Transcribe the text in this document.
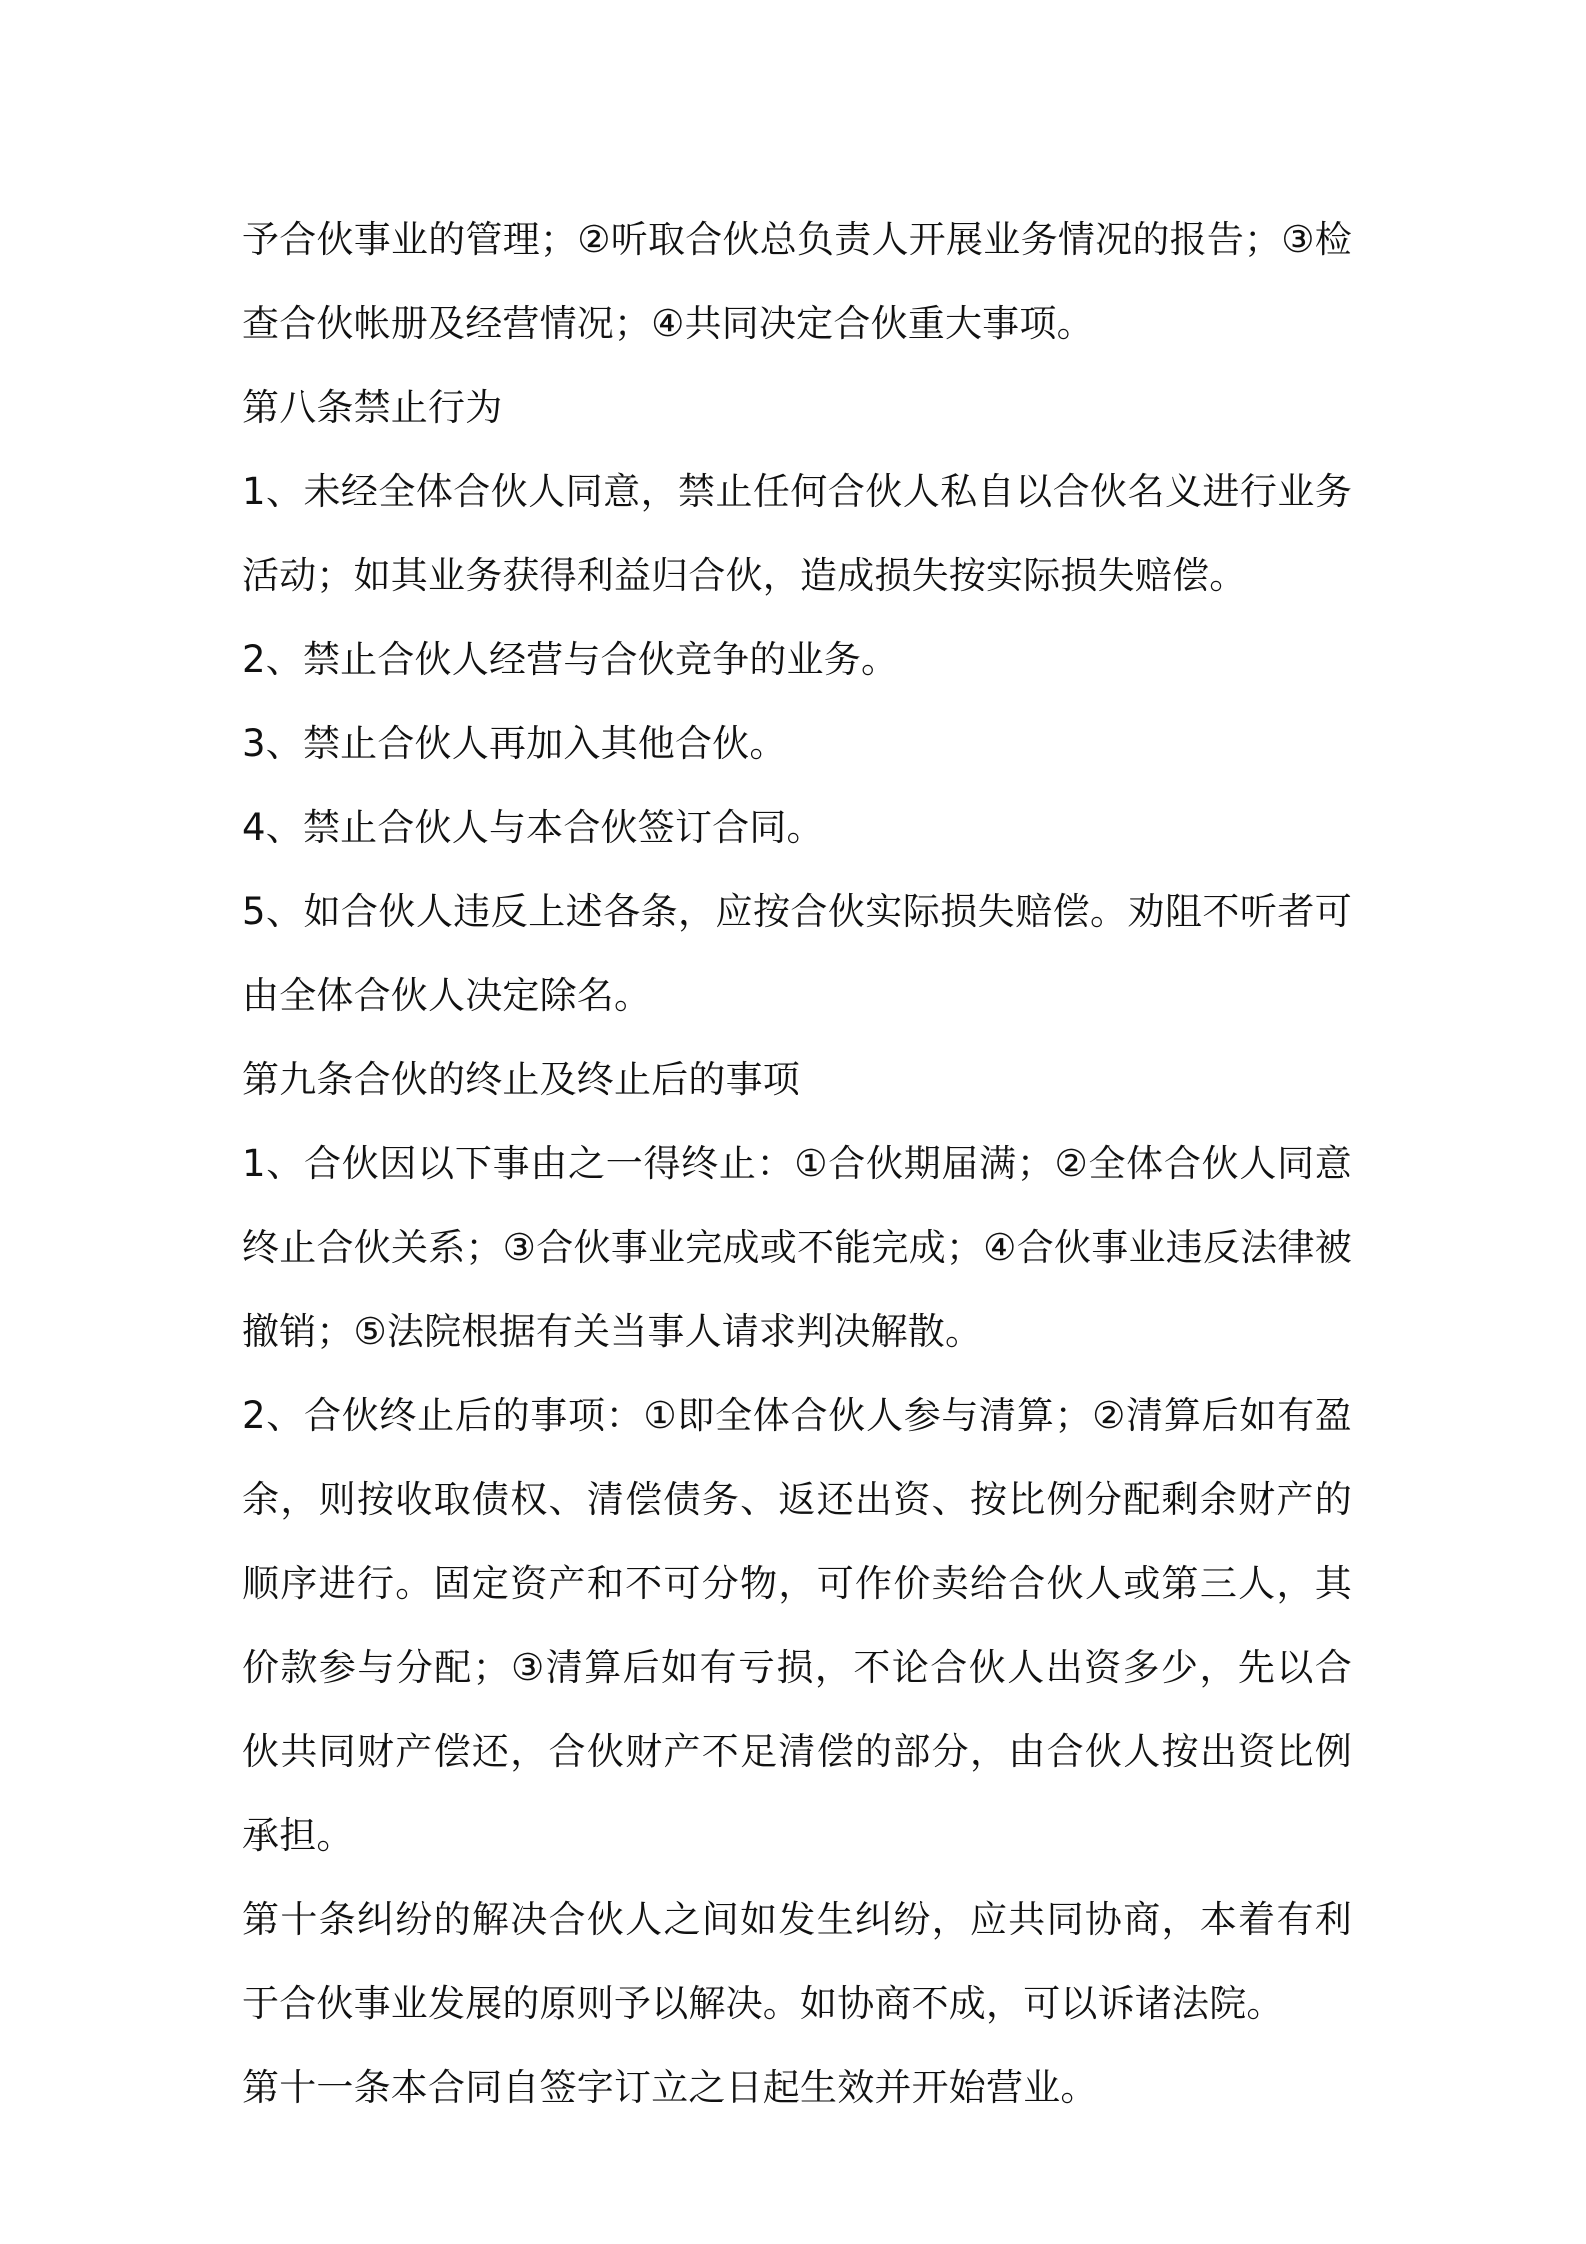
予合伙事业的管理；②听取合伙总负责人开展业务情况的报告；③检查合伙帐册及经营情况；④共同决定合伙重大事项。

第八条禁止行为

1、未经全体合伙人同意，禁止任何合伙人私自以合伙名义进行业务活动；如其业务获得利益归合伙，造成损失按实际损失赔偿。

2、禁止合伙人经营与合伙竞争的业务。

3、禁止合伙人再加入其他合伙。

4、禁止合伙人与本合伙签订合同。

5、如合伙人违反上述各条，应按合伙实际损失赔偿。劝阻不听者可由全体合伙人决定除名。

第九条合伙的终止及终止后的事项

1、合伙因以下事由之一得终止：①合伙期届满；②全体合伙人同意终止合伙关系；③合伙事业完成或不能完成；④合伙事业违反法律被撤销；⑤法院根据有关当事人请求判决解散。

2、合伙终止后的事项：①即全体合伙人参与清算；②清算后如有盈余，则按收取债权、清偿债务、返还出资、按比例分配剩余财产的顺序进行。固定资产和不可分物，可作价卖给合伙人或第三人，其价款参与分配；③清算后如有亏损，不论合伙人出资多少，先以合伙共同财产偿还，合伙财产不足清偿的部分，由合伙人按出资比例承担。

第十条纠纷的解决合伙人之间如发生纠纷，应共同协商，本着有利于合伙事业发展的原则予以解决。如协商不成，可以诉诸法院。

第十一条本合同自签字订立之日起生效并开始营业。
